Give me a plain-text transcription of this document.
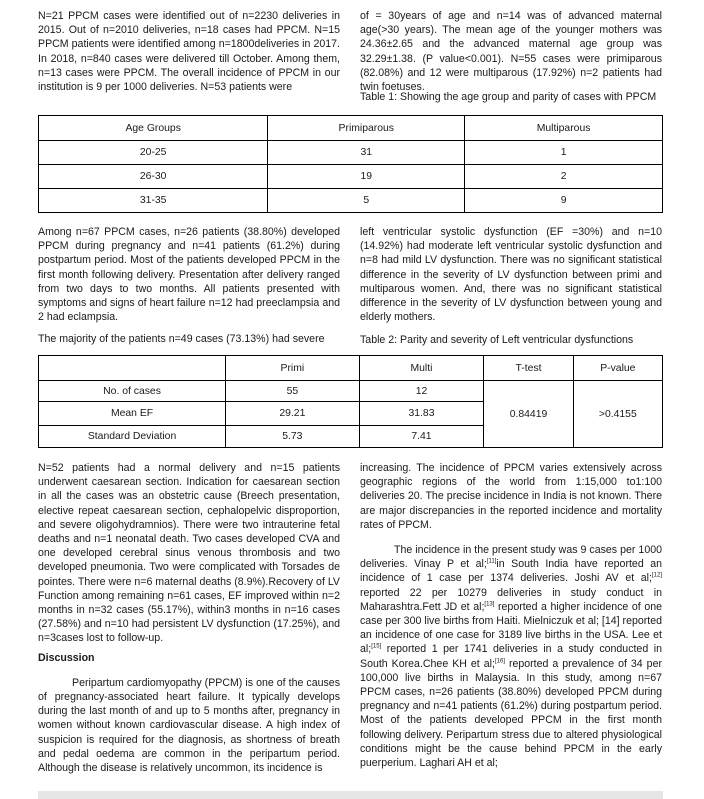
N=21 PPCM cases were identified out of n=2230 deliveries in 2015. Out of n=2010 deliveries, n=18 cases had PPCM. N=15 PPCM patients were identified among n=1800deliveries in 2017. In 2018, n=840 cases were delivered till October. Among them, n=13 cases were PPCM. The overall incidence of PPCM in our institution is 9 per 1000 deliveries. N=53 patients were

of = 30years of age and n=14 was of advanced maternal age(>30 years). The mean age of the younger mothers was 24.36±2.65 and the advanced maternal age group was 32.29±1.38. (P value<0.001). N=55 cases were primiparous (82.08%) and 12 were multiparous (17.92%) n=2 patients had twin foetuses.

Table 1: Showing the age group and parity of cases with PPCM
Age Groups	Primiparous	Multiparous
20-25	31	1
26-30	19	2
31-35	5	9

Among n=67 PPCM cases, n=26 patients (38.80%) developed PPCM during pregnancy and n=41 patients (61.2%) during postpartum period. Most of the patients developed PPCM in the first month following delivery. Presentation after delivery ranged from two days to two months. All patients presented with symptoms and signs of heart failure n=12 had preeclampsia and 2 had eclampsia.

The majority of the patients n=49 cases (73.13%) had severe

left ventricular systolic dysfunction (EF =30%) and n=10 (14.92%) had moderate left ventricular systolic dysfunction and n=8 had mild LV dysfunction. There was no significant statistical difference in the severity of LV dysfunction between primi and multiparous women. And, there was no significant statistical difference in the severity of LV dysfunction between young and elderly mothers.

Table 2: Parity and severity of Left ventricular dysfunctions
	Primi	Multi	T-test	P-value
No. of cases	55	12	0.84419	>0.4155
Mean EF	29.21	31.83		
Standard Deviation	5.73	7.41		

N=52 patients had a normal delivery and n=15 patients underwent caesarean section. Indication for caesarean section in all the cases was an obstetric cause (Breech presentation, elective repeat caesarean section, cephalopelvic disproportion, and severe oligohydramnios). There were two intrauterine fetal deaths and n=1 neonatal death. Two cases developed CVA and one developed cerebral sinus venous thrombosis and two developed pneumonia. Two were complicated with Torsades de pointes. There were n=6 maternal deaths (8.9%).Recovery of LV Function among remaining n=61 cases, EF improved within n=2 months in n=32 cases (55.17%), within3 months in n=16 cases (27.58%) and n=10 had persistent LV dysfunction (17.25%), and n=3cases lost to follow-up.

Discussion

Peripartum cardiomyopathy (PPCM) is one of the causes of pregnancy-associated heart failure. It typically develops during the last month of and up to 5 months after, pregnancy in women without known cardiovascular disease. A high index of suspicion is required for the diagnosis, as shortness of breath and pedal oedema are common in the peripartum period. Although the disease is relatively uncommon, its incidence is

increasing. The incidence of PPCM varies extensively across geographic regions of the world from 1:15,000 to1:100 deliveries 20. The precise incidence in India is not known. There are major discrepancies in the reported incidence and mortality rates of PPCM.

The incidence in the present study was 9 cases per 1000 deliveries. Vinay P et al;[11]in South India have reported an incidence of 1 case per 1374 deliveries. Joshi AV et al;[12] reported 22 per 10279 deliveries in study conduct in Maharashtra.Fett JD et al;[13] reported a higher incidence of one case per 300 live births from Haiti. Mielniczuk et al; [14] reported an incidence of one case for 3189 live births in the USA. Lee et al;[15] reported 1 per 1741 deliveries in a study conducted in South Korea.Chee KH et al;[16] reported a prevalence of 34 per 100,000 live births in Malaysia. In this study, among n=67 PPCM cases, n=26 patients (38.80%) developed PPCM during pregnancy and n=41 patients (61.2%) during postpartum period. Most of the patients developed PPCM in the first month following delivery. Peripartum stress due to altered physiological conditions might be the cause behind PPCM in the early puerperium. Laghari AH et al;
